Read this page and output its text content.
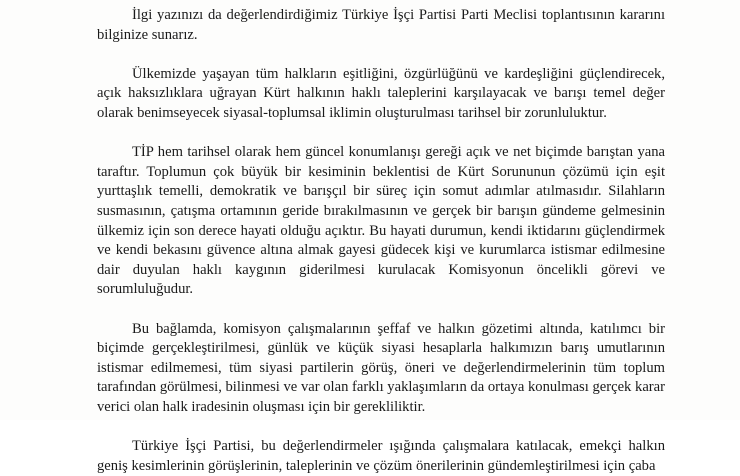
İlgi yazınızı da değerlendirdiğimiz Türkiye İşçi Partisi Parti Meclisi toplantısının kararını bilginize sunarız.

Ülkemizde yaşayan tüm halkların eşitliğini, özgürlüğünü ve kardeşliğini güçlendirecek, açık haksızlıklara uğrayan Kürt halkının haklı taleplerini karşılayacak ve barışı temel değer olarak benimseyecek siyasal-toplumsal iklimin oluşturulması tarihsel bir zorunluluktur.

TİP hem tarihsel olarak hem güncel konumlanışı gereği açık ve net biçimde barıştan yana taraftır. Toplumun çok büyük bir kesiminin beklentisi de Kürt Sorununun çözümü için eşit yurttaşlık temelli, demokratik ve barışçıl bir süreç için somut adımlar atılmasıdır. Silahların susmasının, çatışma ortamının geride bırakılmasının ve gerçek bir barışın gündeme gelmesinin ülkemiz için son derece hayati olduğu açıktır. Bu hayati durumun, kendi iktidarını güçlendirmek ve kendi bekasını güvence altına almak gayesi güdecek kişi ve kurumlarca istismar edilmesine dair duyulan haklı kaygının giderilmesi kurulacak Komisyonun öncelikli görevi ve sorumluluğudur.

Bu bağlamda, komisyon çalışmalarının şeffaf ve halkın gözetimi altında, katılımcı bir biçimde gerçekleştirilmesi, günlük ve küçük siyasi hesaplarla halkımızın barış umutlarının istismar edilmemesi, tüm siyasi partilerin görüş, öneri ve değerlendirmelerinin tüm toplum tarafından görülmesi, bilinmesi ve var olan farklı yaklaşımların da ortaya konulması gerçek karar verici olan halk iradesinin oluşması için bir gerekliliktir.

Türkiye İşçi Partisi, bu değerlendirmeler ışığında çalışmalara katılacak, emekçi halkın geniş kesimlerinin görüşlerinin, taleplerinin ve çözüm önerilerinin gündemleştirilmesi için çaba
